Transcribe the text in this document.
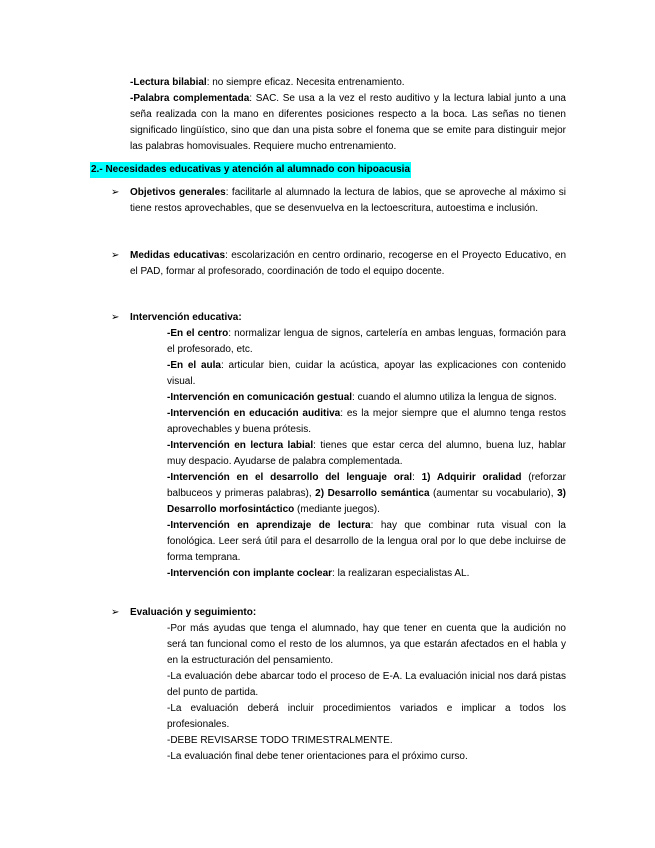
-Lectura bilabial: no siempre eficaz. Necesita entrenamiento.

-Palabra complementada: SAC. Se usa a la vez el resto auditivo y la lectura labial junto a una seña realizada con la mano en diferentes posiciones respecto a la boca. Las señas no tienen significado lingüístico, sino que dan una pista sobre el fonema que se emite para distinguir mejor las palabras homovisuales. Requiere mucho entrenamiento.

2.- Necesidades educativas y atención al alumnado con hipoacusia
➢ Objetivos generales: facilitarle al alumnado la lectura de labios, que se aproveche al máximo si tiene restos aprovechables, que se desenvuelva en la lectoescritura, autoestima e inclusión.

➢ Medidas educativas: escolarización en centro ordinario, recogerse en el Proyecto Educativo, en el PAD, formar al profesorado, coordinación de todo el equipo docente.

➢ Intervención educativa:

-En el centro: normalizar lengua de signos, cartelería en ambas lenguas, formación para el profesorado, etc.

-En el aula: articular bien, cuidar la acústica, apoyar las explicaciones con contenido visual.

-Intervención en comunicación gestual: cuando el alumno utiliza la lengua de signos.

-Intervención en educación auditiva: es la mejor siempre que el alumno tenga restos aprovechables y buena prótesis.

-Intervención en lectura labial: tienes que estar cerca del alumno, buena luz, hablar muy despacio. Ayudarse de palabra complementada.

-Intervención en el desarrollo del lenguaje oral: 1) Adquirir oralidad (reforzar balbuceos y primeras palabras), 2) Desarrollo semántica (aumentar su vocabulario), 3) Desarrollo morfosintáctico (mediante juegos).

-Intervención en aprendizaje de lectura: hay que combinar ruta visual con la fonológica. Leer será útil para el desarrollo de la lengua oral por lo que debe incluirse de forma temprana.

-Intervención con implante coclear: la realizaran especialistas AL.

➢ Evaluación y seguimiento:

-Por más ayudas que tenga el alumnado, hay que tener en cuenta que la audición no será tan funcional como el resto de los alumnos, ya que estarán afectados en el habla y en la estructuración del pensamiento.

-La evaluación debe abarcar todo el proceso de E-A. La evaluación inicial nos dará pistas del punto de partida.

-La evaluación deberá incluir procedimientos variados e implicar a todos los profesionales.

-DEBE REVISARSE TODO TRIMESTRALMENTE.

-La evaluación final debe tener orientaciones para el próximo curso.
